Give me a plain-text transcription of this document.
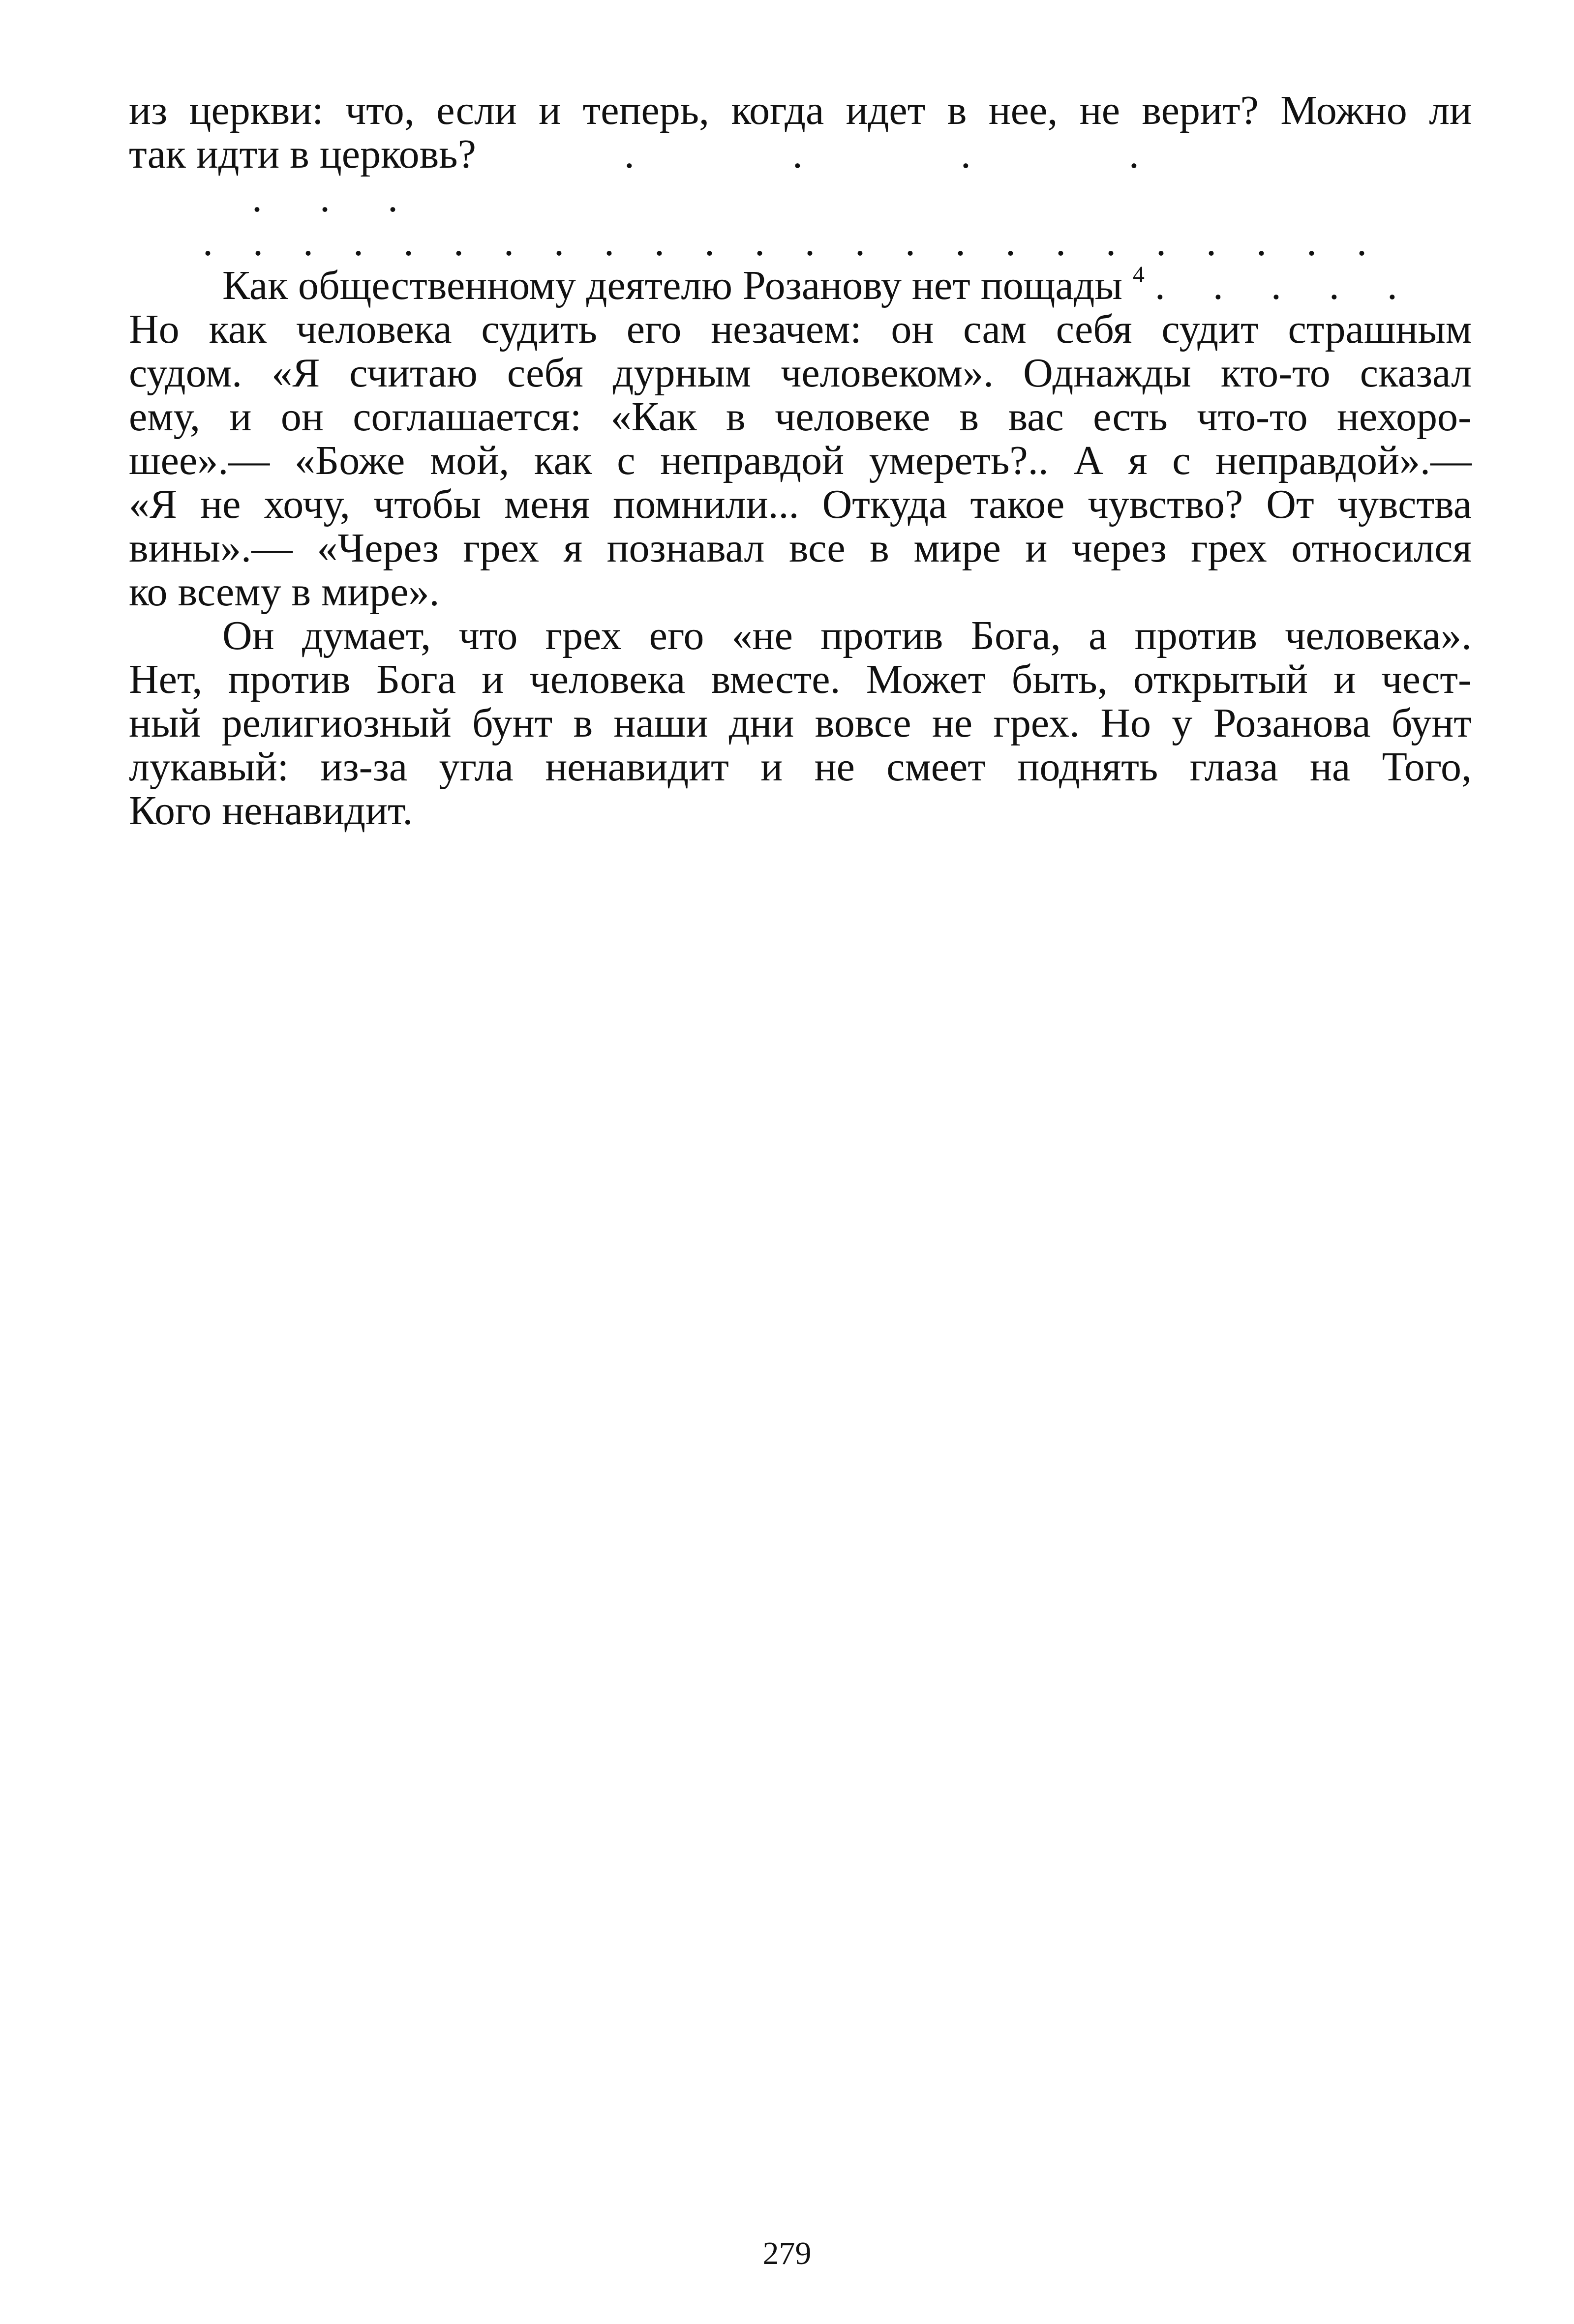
из церкви: что, если и теперь, когда идет в нее, не верит? Можно ли
так идти в церковь?	. . . .
. . .
. . . . . . . . . . . . . . . . . . . . . . . .
Как общественному деятелю Розанову нет пощады $^4$ . . . . .
Но как человека судить его незачем: он сам себя судит страшным
судом. «Я считаю себя дурным человеком». Однажды кто-то сказал
ему, и он соглашается: «Как в человеке в вас есть что-то нехоро-
шее».— «Боже мой, как с неправдой умереть?.. А я с неправдой».—
«Я не хочу, чтобы меня помнили... Откуда такое чувство? От чувства
вины».— «Через грех я познавал все в мире и через грех относился
ко всему в мире».
Он думает, что грех его «не против Бога, а против человека».
Нет, против Бога и человека вместе. Может быть, открытый и чест-
ный религиозный бунт в наши дни вовсе не грех. Но у Розанова бунт
лукавый: из-за угла ненавидит и не смеет поднять глаза на Того,
Кого ненавидит.
279
